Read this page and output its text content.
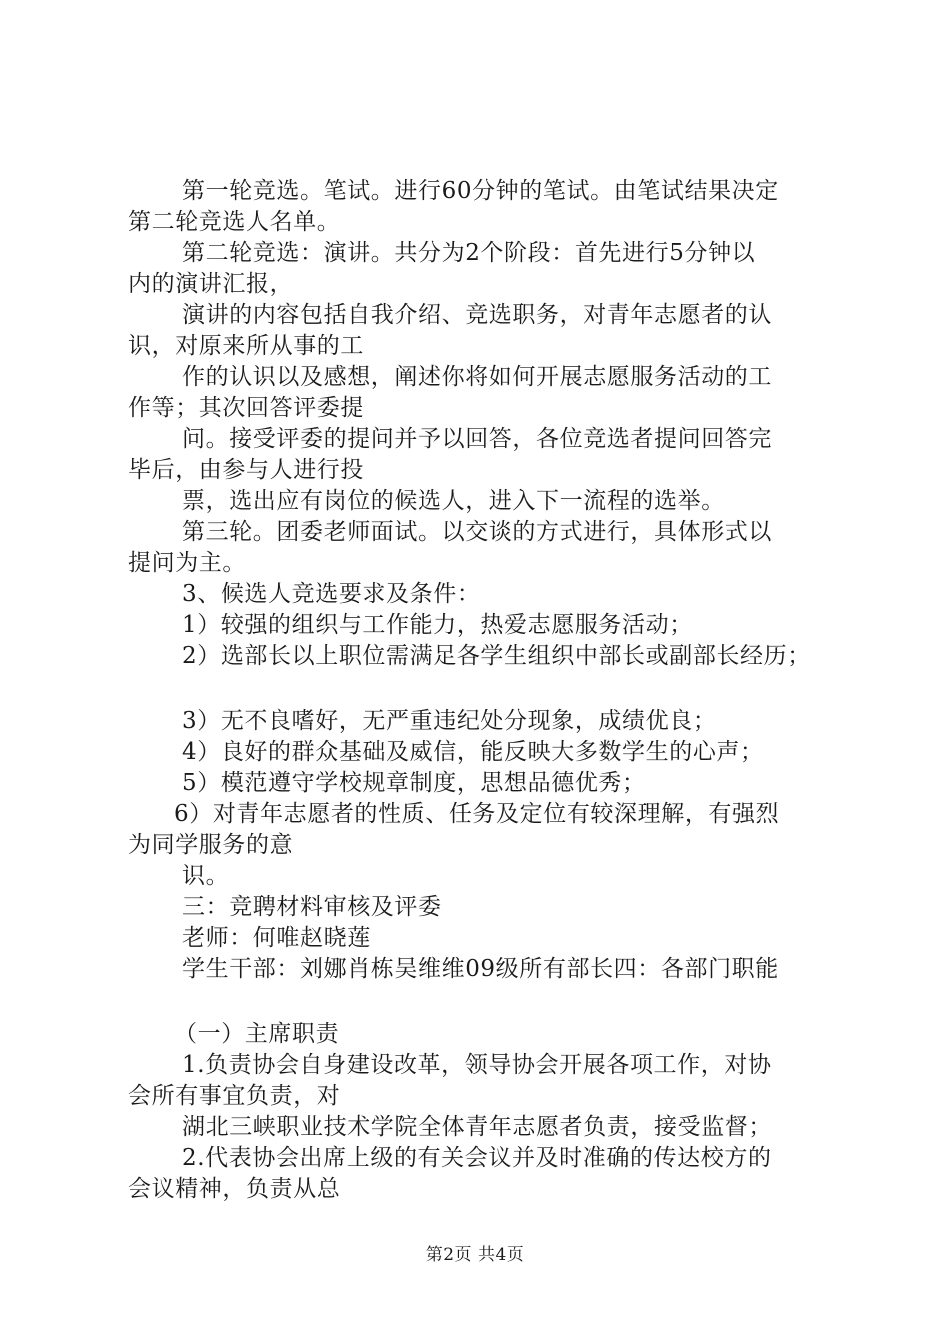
第一轮竞选。笔试。进行60分钟的笔试。由笔试结果决定
第二轮竞选人名单。
第二轮竞选：演讲。共分为2个阶段：首先进行5分钟以
内的演讲汇报，
演讲的内容包括自我介绍、竞选职务，对青年志愿者的认
识，对原来所从事的工
作的认识以及感想，阐述你将如何开展志愿服务活动的工
作等；其次回答评委提
问。接受评委的提问并予以回答，各位竞选者提问回答完
毕后，由参与人进行投
票，选出应有岗位的候选人，进入下一流程的选举。
第三轮。团委老师面试。以交谈的方式进行，具体形式以
提问为主。
3、候选人竞选要求及条件：
1）较强的组织与工作能力，热爱志愿服务活动；
2）选部长以上职位需满足各学生组织中部长或副部长经历；
3）无不良嗜好，无严重违纪处分现象，成绩优良；
4）良好的群众基础及威信，能反映大多数学生的心声；
5）模范遵守学校规章制度，思想品德优秀；
6）对青年志愿者的性质、任务及定位有较深理解，有强烈
为同学服务的意
识。
三：竞聘材料审核及评委
老师：何唯赵晓莲
学生干部：刘娜肖栋吴维维09级所有部长四：各部门职能
（一）主席职责
1.负责协会自身建设改革，领导协会开展各项工作，对协
会所有事宜负责，对
湖北三峡职业技术学院全体青年志愿者负责，接受监督；
2.代表协会出席上级的有关会议并及时准确的传达校方的
会议精神，负责从总
第2页 共4页
